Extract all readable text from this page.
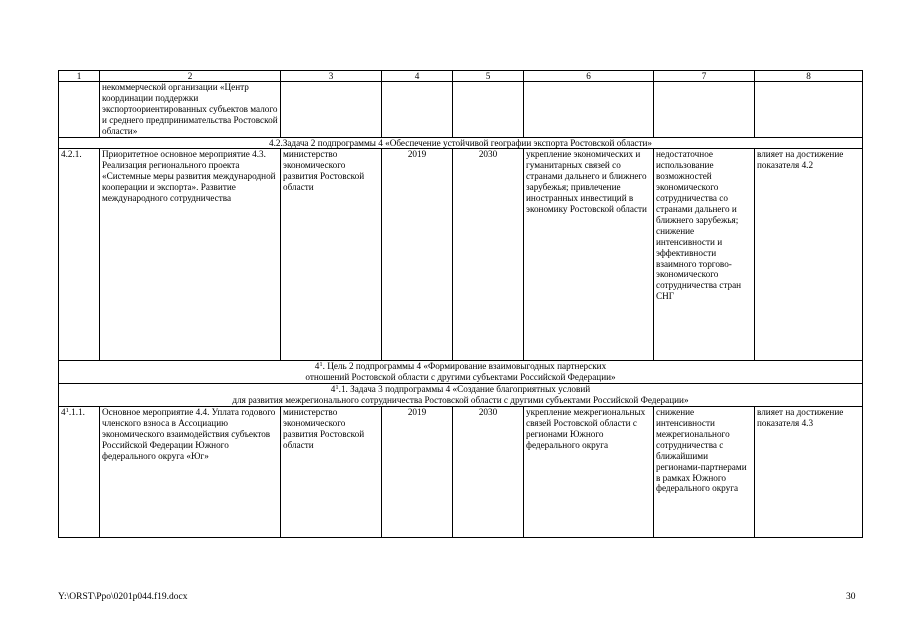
1	2	3	4	5	6	7	8
	некоммерческой организации «Центр координации поддержки экспортоориентированных субъектов малого и среднего предпринимательства Ростовской области»						
4.2.Задача 2 подпрограммы 4 «Обеспечение устойчивой географии экспорта Ростовской области»							
4.2.1.	Приоритетное основное мероприятие 4.3. Реализация регионального проекта «Системные меры развития международной кооперации и экспорта». Развитие международного сотрудничества	министерство экономического развития Ростовской области	2019	2030	укрепление экономических и гуманитарных связей со странами дальнего и ближнего зарубежья; привлечение иностранных инвестиций в экономику Ростовской области	недостаточное использование возможностей экономического сотрудничества со странами дальнего и ближнего зарубежья; снижение интенсивности и эффективности взаимного торгово-экономического сотрудничества стран СНГ	влияет на достижение показателя 4.2
$4^1$. Цель 2 подпрограммы 4 «Формирование взаимовыгодных партнерских
отношений Ростовской области с другими субъектами Российской Федерации»							
$4^1.1$. Задача 3 подпрограммы 4 «Создание благоприятных условий
для развития межрегионального сотрудничества Ростовской области с другими субъектами Российской Федерации»							
$4^1.1.1$.	Основное мероприятие 4.4. Уплата годового членского взноса в Ассоциацию экономического взаимодействия субъектов Российской Федерации Южного федерального округа «Юг»	министерство экономического развития Ростовской области	2019	2030	укрепление межрегиональных связей Ростовской области с регионами Южного федерального округа	снижение интенсивности межрегионального сотрудничества с ближайшими регионами-партнерами в рамках Южного федерального округа	влияет на достижение показателя 4.3
Y:\ORST\Ppo\0201p044.f19.docx	30
